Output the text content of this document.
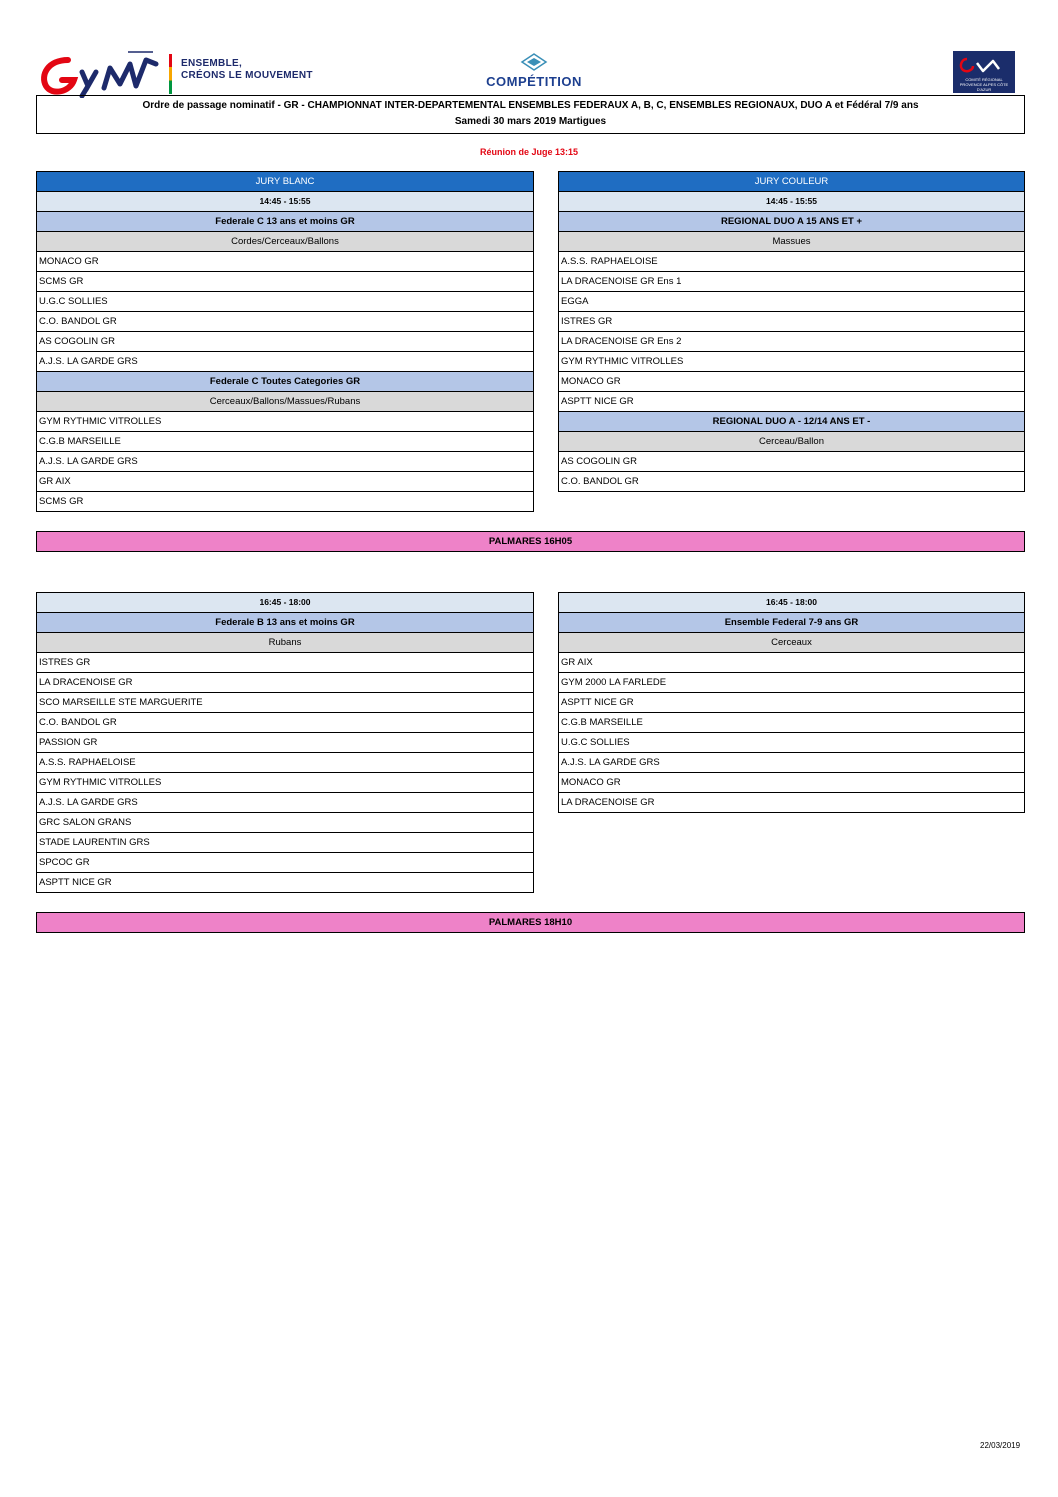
ENSEMBLE,
CRÉONS LE MOUVEMENT	COMPÉTITION	COMITÉ RÉGIONAL PROVENCE ALPES CÔTE D'AZUR
Ordre de passage nominatif - GR - CHAMPIONNAT INTER-DEPARTEMENTAL ENSEMBLES FEDERAUX A, B, C, ENSEMBLES REGIONAUX, DUO A et Fédéral 7/9 ans
Samedi 30 mars 2019 Martigues
Réunion de Juge 13:15
JURY BLANC
14:45 - 15:55
Federale C 13 ans et moins GR
Cordes/Cerceaux/Ballons
MONACO GR
SCMS GR
U.G.C SOLLIES
C.O. BANDOL GR
AS COGOLIN GR
A.J.S. LA GARDE GRS
Federale C Toutes Categories GR
Cerceaux/Ballons/Massues/Rubans
GYM RYTHMIC VITROLLES
C.G.B MARSEILLE
A.J.S. LA GARDE GRS
GR AIX
SCMS GR
JURY COULEUR
14:45 - 15:55
REGIONAL DUO A 15 ANS ET +
Massues
A.S.S. RAPHAELOISE
LA DRACENOISE GR Ens 1
EGGA
ISTRES GR
LA DRACENOISE GR Ens 2
GYM RYTHMIC VITROLLES
MONACO GR
ASPTT NICE GR
REGIONAL DUO A - 12/14 ANS ET -
Cerceau/Ballon
AS COGOLIN GR
C.O. BANDOL GR
PALMARES 16H05
16:45 - 18:00
Federale B 13 ans et moins GR
Rubans
ISTRES GR
LA DRACENOISE GR
SCO MARSEILLE STE MARGUERITE
C.O. BANDOL GR
PASSION GR
A.S.S. RAPHAELOISE
GYM RYTHMIC VITROLLES
A.J.S. LA GARDE GRS
GRC SALON GRANS
STADE LAURENTIN GRS
SPCOC GR
ASPTT NICE GR
16:45 - 18:00
Ensemble Federal 7-9 ans GR
Cerceaux
GR AIX
GYM 2000 LA FARLEDE
ASPTT NICE GR
C.G.B MARSEILLE
U.G.C SOLLIES
A.J.S. LA GARDE GRS
MONACO GR
LA DRACENOISE GR
PALMARES 18H10
22/03/2019
